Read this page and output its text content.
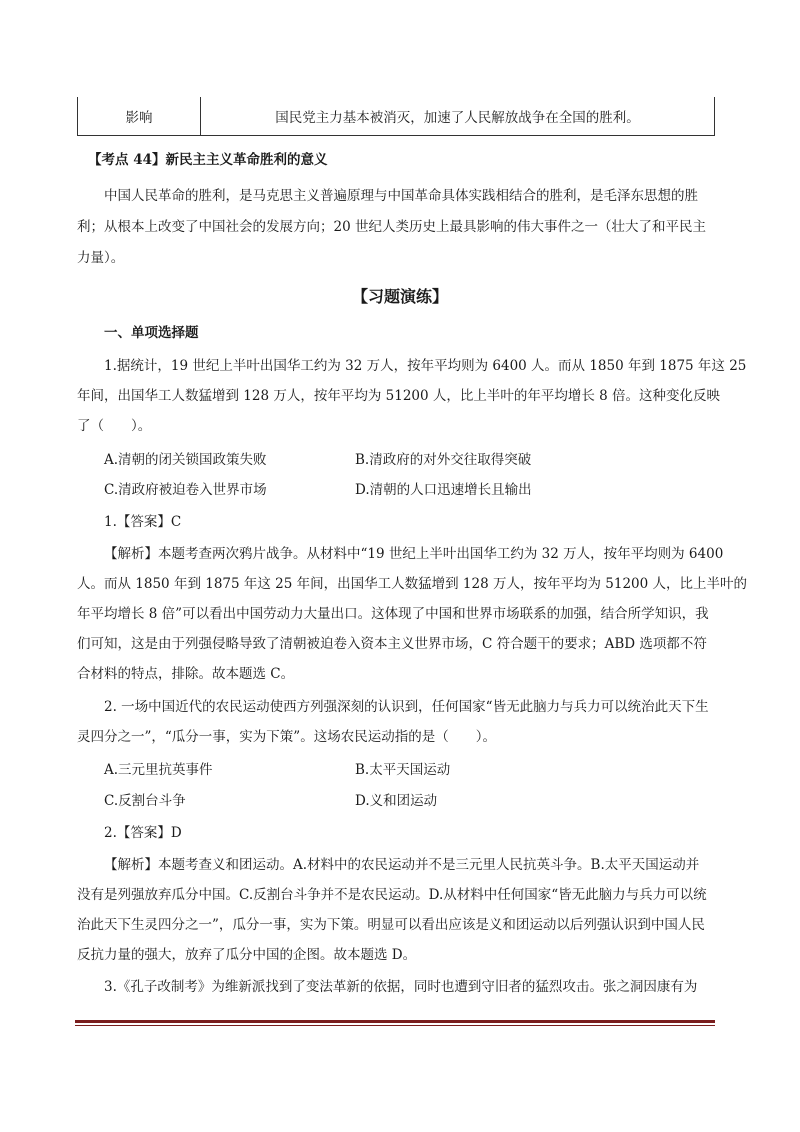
影响	国民党主力基本被消灭，加速了人民解放战争在全国的胜利。
【考点 44】新民主主义革命胜利的意义
中国人民革命的胜利，是马克思主义普遍原理与中国革命具体实践相结合的胜利，是毛泽东思想的胜
利；从根本上改变了中国社会的发展方向；20 世纪人类历史上最具影响的伟大事件之一（壮大了和平民主
力量）。
【习题演练】
一、单项选择题
1.据统计，19 世纪上半叶出国华工约为 32 万人，按年平均则为 6400 人。而从 1850 年到 1875 年这 25
年间，出国华工人数猛增到 128 万人，按年平均为 51200 人，比上半叶的年平均增长 8 倍。这种变化反映
了（　　）。
A.清朝的闭关锁国政策失败	B.清政府的对外交往取得突破
C.清政府被迫卷入世界市场	D.清朝的人口迅速增长且输出
1.【答案】C
【解析】本题考查两次鸦片战争。从材料中“19 世纪上半叶出国华工约为 32 万人，按年平均则为 6400
人。而从 1850 年到 1875 年这 25 年间，出国华工人数猛增到 128 万人，按年平均为 51200 人，比上半叶的
年平均增长 8 倍”可以看出中国劳动力大量出口。这体现了中国和世界市场联系的加强，结合所学知识，我
们可知，这是由于列强侵略导致了清朝被迫卷入资本主义世界市场，C 符合题干的要求；ABD 选项都不符
合材料的特点，排除。故本题选 C。
2. 一场中国近代的农民运动使西方列强深刻的认识到，任何国家“皆无此脑力与兵力可以统治此天下生
灵四分之一”，“瓜分一事，实为下策”。这场农民运动指的是（　　）。
A.三元里抗英事件	B.太平天国运动
C.反割台斗争	D.义和团运动
2.【答案】D
【解析】本题考查义和团运动。A.材料中的农民运动并不是三元里人民抗英斗争。B.太平天国运动并
没有是列强放弃瓜分中国。C.反割台斗争并不是农民运动。D.从材料中任何国家“皆无此脑力与兵力可以统
治此天下生灵四分之一”，瓜分一事，实为下策。明显可以看出应该是义和团运动以后列强认识到中国人民
反抗力量的强大，放弃了瓜分中国的企图。故本题选 D。
3.《孔子改制考》为维新派找到了变法革新的依据，同时也遭到守旧者的猛烈攻击。张之洞因康有为
